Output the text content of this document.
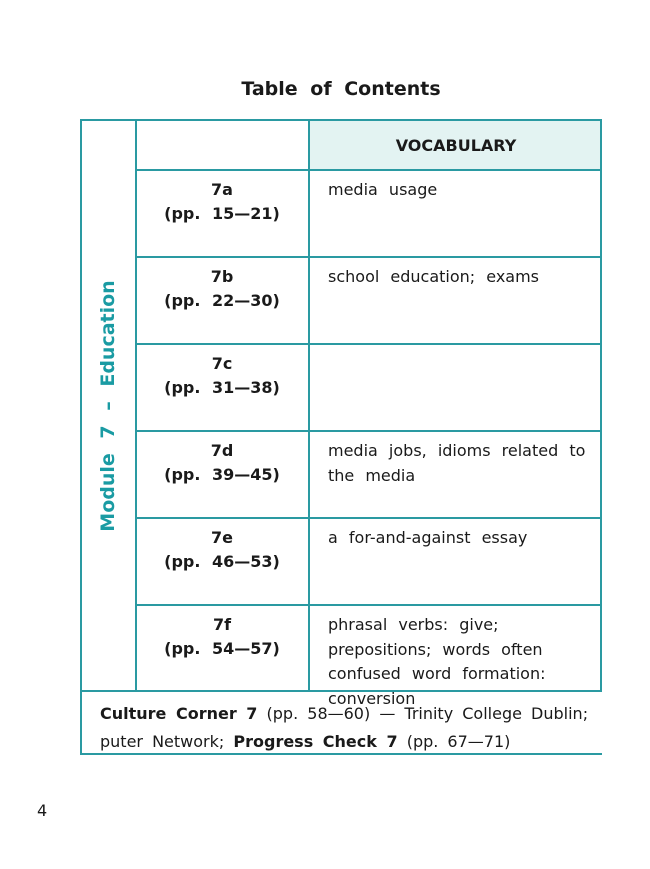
Table of Contents
VOCABULARY
Module 7 – Education
7a
(pp. 15—21)
media usage
7b
(pp. 22—30)
school education; exams
7c
(pp. 31—38)
7d
(pp. 39—45)
media jobs, idioms related to the media
7e
(pp. 46—53)
a for-and-against essay
7f
(pp. 54—57)
phrasal verbs: give; prepositions; words often confused word formation: conversion
Culture Corner 7 (pp. 58—60) — Trinity College Dublin;
puter Network; Progress Check 7 (pp. 67—71)
4
